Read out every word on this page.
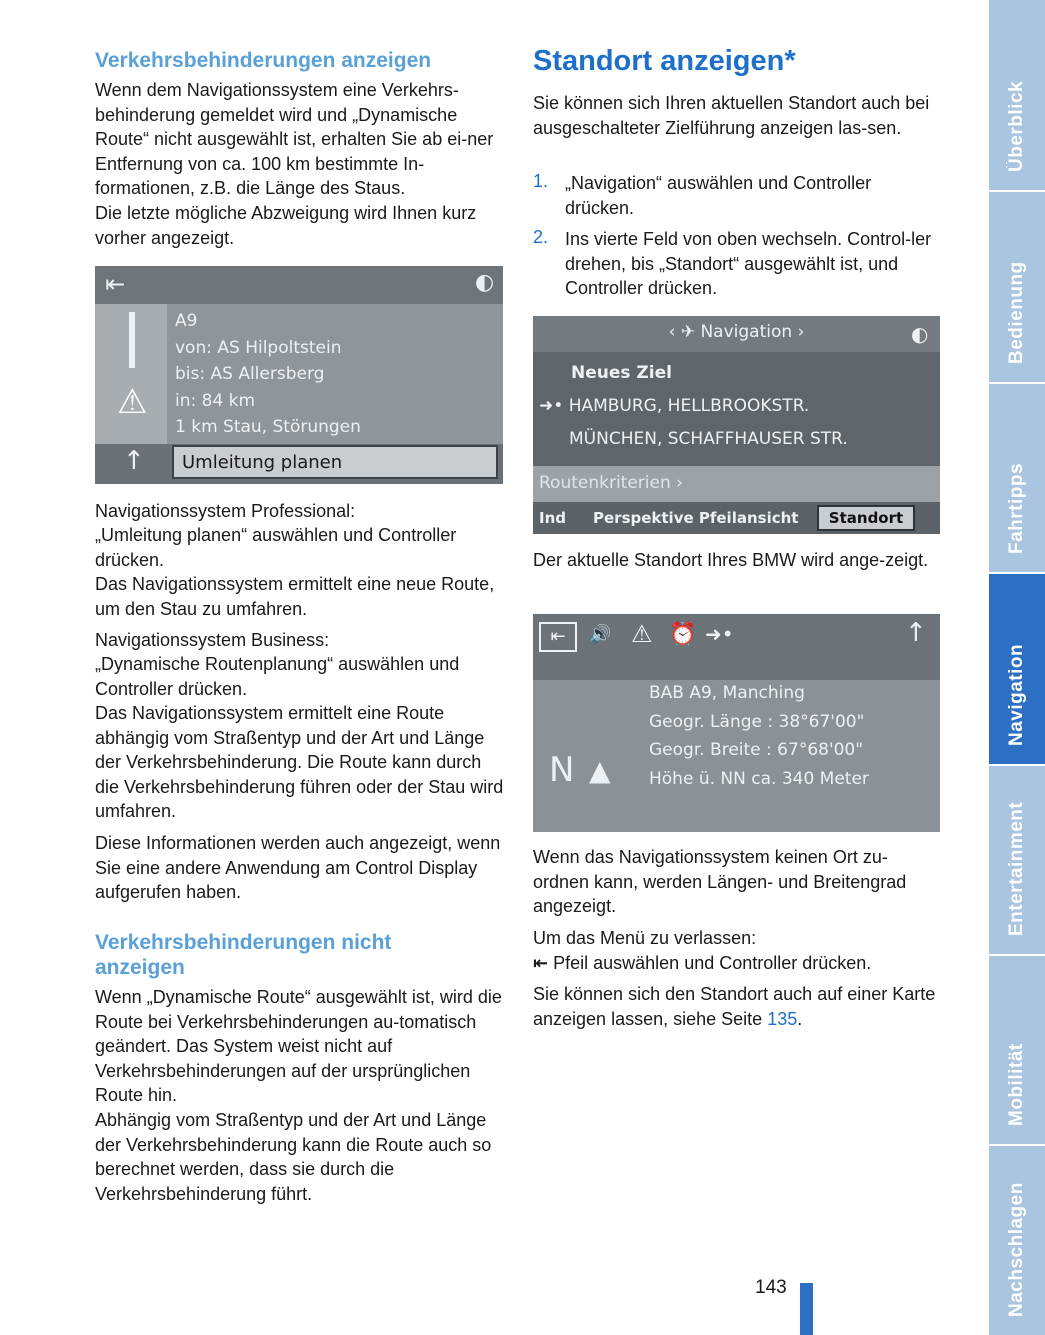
Verkehrsbehinderungen anzeigen

Wenn dem Navigationssystem eine Verkehrs-behinderung gemeldet wird und „Dynamische Route“ nicht ausgewählt ist, erhalten Sie ab ei-ner Entfernung von ca. 100 km bestimmte In-formationen, z.B. die Länge des Staus.

Die letzte mögliche Abzweigung wird Ihnen kurz vorher angezeigt.

Navigationssystem Professional:

„Umleitung planen“ auswählen und Controller drücken.

Das Navigationssystem ermittelt eine neue Route, um den Stau zu umfahren.

Navigationssystem Business:

„Dynamische Routenplanung“ auswählen und Controller drücken.

Das Navigationssystem ermittelt eine Route abhängig vom Straßentyp und der Art und Länge der Verkehrsbehinderung. Die Route kann durch die Verkehrsbehinderung führen oder der Stau wird umfahren.

Diese Informationen werden auch angezeigt, wenn Sie eine andere Anwendung am Control Display aufgerufen haben.

Verkehrsbehinderungen nicht anzeigen

Wenn „Dynamische Route“ ausgewählt ist, wird die Route bei Verkehrsbehinderungen au-tomatisch geändert. Das System weist nicht auf Verkehrsbehinderungen auf der ursprünglichen Route hin.

Abhängig vom Straßentyp und der Art und Länge der Verkehrsbehinderung kann die Route auch so berechnet werden, dass sie durch die Verkehrsbehinderung führt.

⇤	◐
⚠
A9
von: AS Hilpoltstein
bis: AS Allersberg
in: 84 km
1 km Stau, Störungen
↑	Umleitung planen
Standort anzeigen*

Sie können sich Ihren aktuellen Standort auch bei ausgeschalteter Zielführung anzeigen las-sen.

1. „Navigation“ auswählen und Controller drücken.

2. Ins vierte Feld von oben wechseln. Control-ler drehen, bis „Standort“ ausgewählt ist, und Controller drücken.

Der aktuelle Standort Ihres BMW wird ange-zeigt.

Wenn das Navigationssystem keinen Ort zu-ordnen kann, werden Längen- und Breitengrad angezeigt.

Um das Menü zu verlassen:

⇤ Pfeil auswählen und Controller drücken.

Sie können sich den Standort auch auf einer Karte anzeigen lassen, siehe Seite 135.

‹ ✈ Navigation ›	◐
Neues Ziel
➜• HAMBURG, HELLBROOKSTR.
MÜNCHEN, SCHAFFHAUSER STR.
Routenkriterien ›
Ind Perspektive Pfeilansicht	Standort
⇤	🔊 ⚠ ⏰ ➜•	↑
BAB A9, Manching
Geogr. Länge : 38°67'00"
Geogr. Breite : 67°68'00"
Höhe ü. NN ca. 340 Meter
N ▲
Überblick
Bedienung
Fahrtipps
Navigation
Entertainment
Mobilität
Nachschlagen
143
